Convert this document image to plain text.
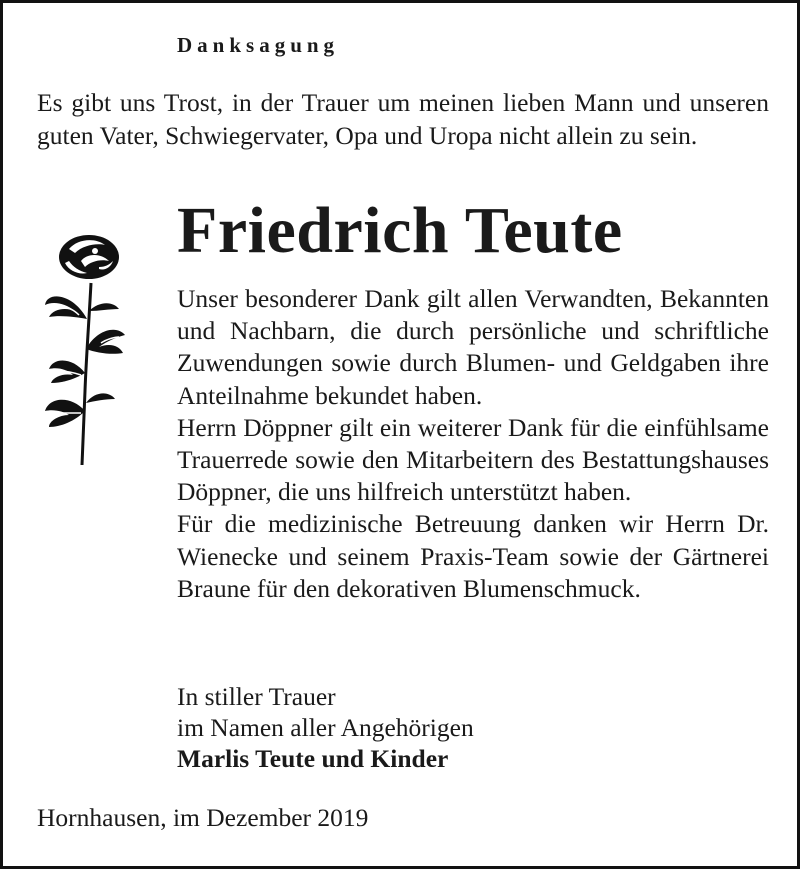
Danksagung
Es gibt uns Trost, in der Trauer um meinen lieben Mann und unseren guten Vater, Schwiegervater, Opa und Uropa nicht allein zu sein.
Friedrich Teute

Unser besonderer Dank gilt allen Verwandten, Bekannten und Nachbarn, die durch persönliche und schriftliche Zuwendungen sowie durch Blumen- und Geldgaben ihre Anteilnahme bekundet haben.

Herrn Döppner gilt ein weiterer Dank für die einfühlsame Trauerrede sowie den Mitarbeitern des Bestattungshauses Döppner, die uns hilfreich unterstützt haben.

Für die medizinische Betreuung danken wir Herrn Dr. Wienecke und seinem Praxis-Team sowie der Gärtnerei Braune für den dekorativen Blumenschmuck.

In stiller Trauer
im Namen aller Angehörigen
Marlis Teute und Kinder
Hornhausen, im Dezember 2019
